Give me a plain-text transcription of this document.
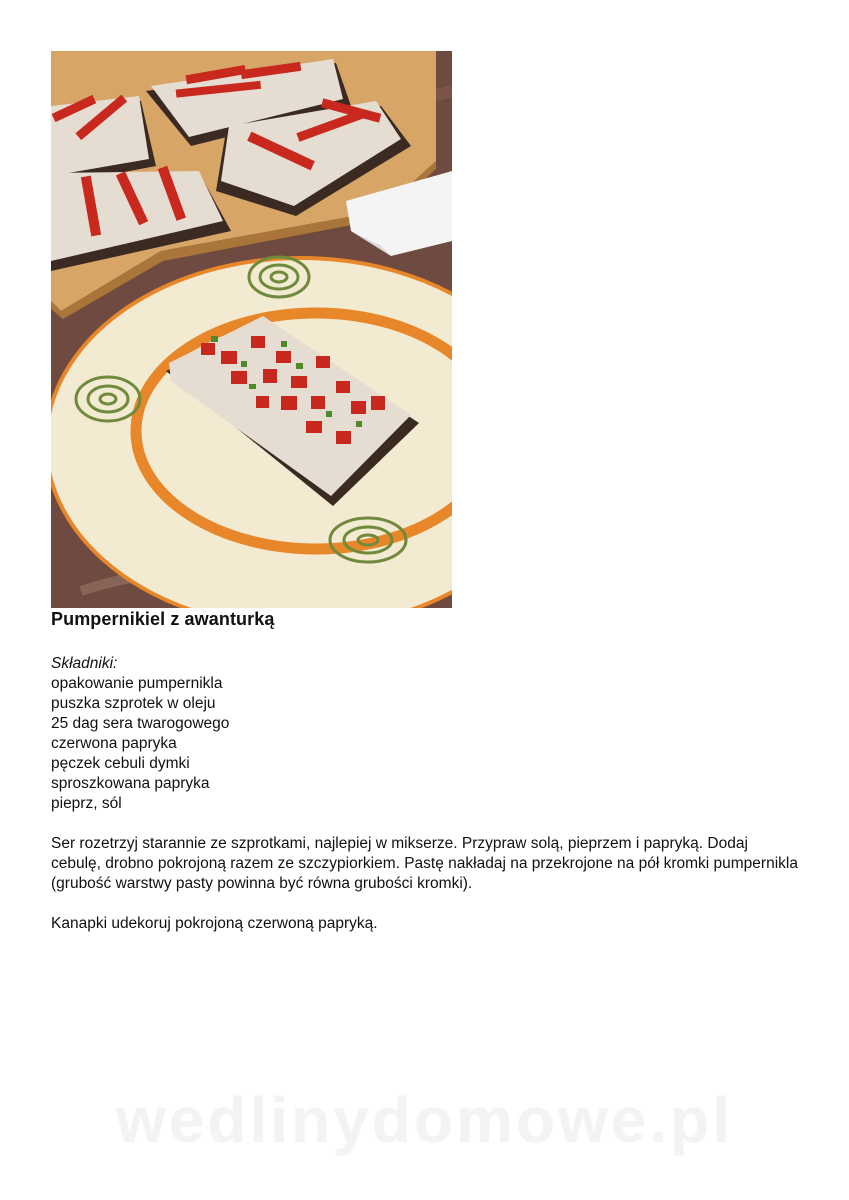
Pumpernikiel z awanturką
Składniki:
opakowanie pumpernikla
puszka szprotek w oleju
25 dag sera twarogowego
czerwona papryka
pęczek cebuli dymki
sproszkowana papryka
pieprz, sól

Ser rozetrzyj starannie ze szprotkami, najlepiej w mikserze. Przypraw solą, pieprzem i papryką. Dodaj cebulę, drobno pokrojoną razem ze szczypiorkiem. Pastę nakładaj na przekrojone na pół kromki pumpernikla (grubość warstwy pasty powinna być równa grubości kromki).

Kanapki udekoruj pokrojoną czerwoną papryką.

wedlinydomowe.pl
